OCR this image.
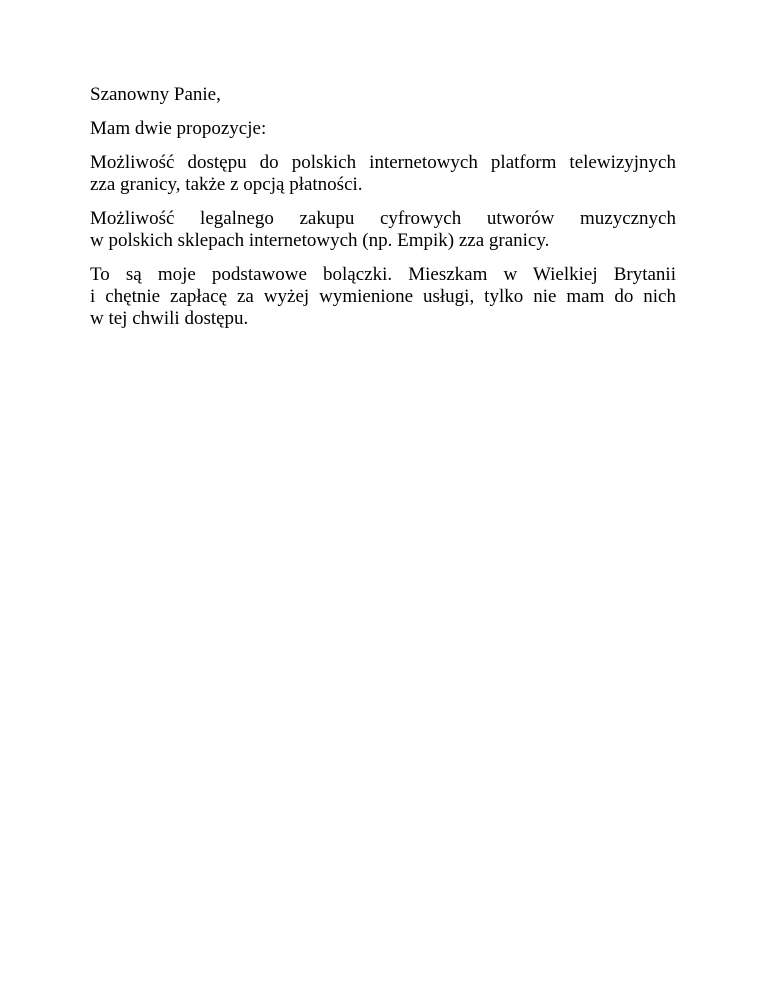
Szanowny Panie,

Mam dwie propozycje:

Możliwość dostępu do polskich internetowych platform telewizyjnych
zza granicy, także z opcją płatności.

Możliwość legalnego zakupu cyfrowych utworów muzycznych
w polskich sklepach internetowych (np. Empik) zza granicy.

To są moje podstawowe bolączki. Mieszkam w Wielkiej Brytanii
i chętnie zapłacę za wyżej wymienione usługi, tylko nie mam do nich
w tej chwili dostępu.
